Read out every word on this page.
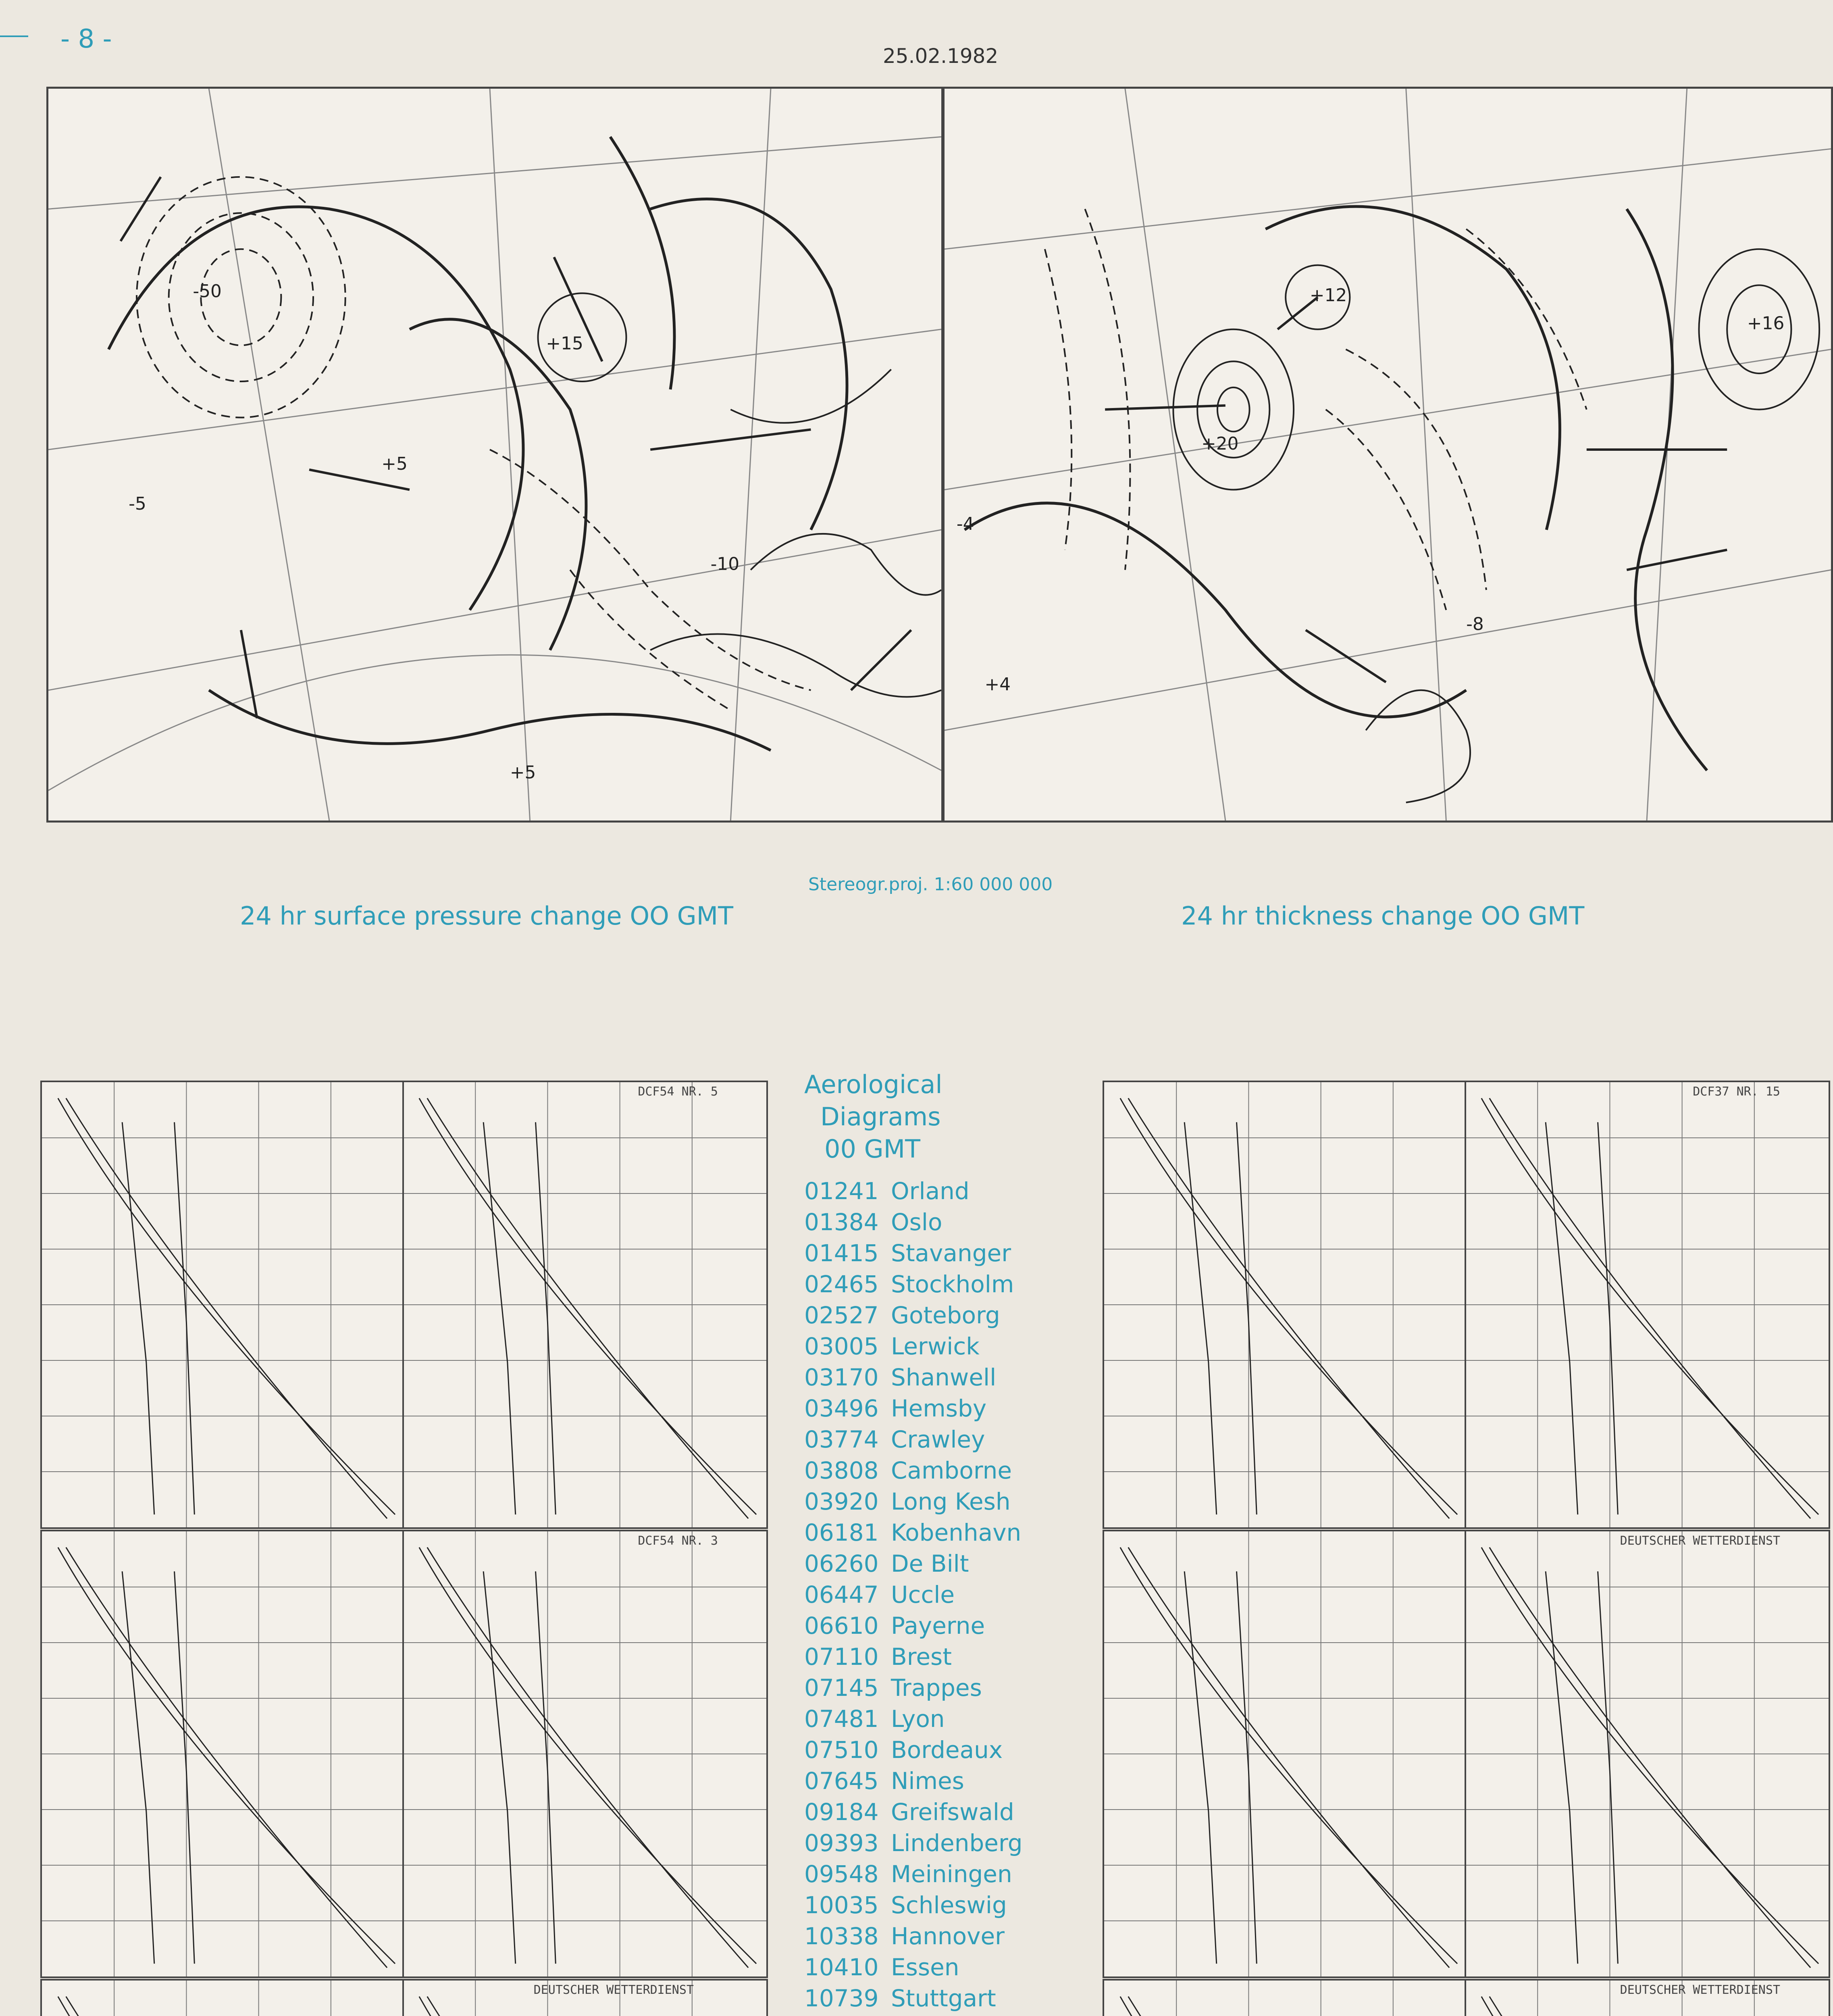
- 8 -
25.02.1982
-50
+15
+5
-5
-10
+5
+20
+12
+16
-4
+4
-8
Stereogr.proj. 1:60 000 000
24 hr surface pressure change OO GMT	24 hr thickness change OO GMT
DCF54 NR. 5
DCF54 NR. 3
DEUTSCHER WETTERDIENST
DCF37 NR. 15
DEUTSCHER WETTERDIENST
DEUTSCHER WETTERDIENST
Aerological
Diagrams
00 GMT
01241 Orland
01384 Oslo
01415 Stavanger
02465 Stockholm
02527 Goteborg
03005 Lerwick
03170 Shanwell
03496 Hemsby
03774 Crawley
03808 Camborne
03920 Long Kesh
06181 Kobenhavn
06260 De Bilt
06447 Uccle
06610 Payerne
07110 Brest
07145 Trappes
07481 Lyon
07510 Bordeaux
07645 Nimes
09184 Greifswald
09393 Lindenberg
09548 Meiningen
10035 Schleswig
10338 Hannover
10410 Essen
10739 Stuttgart
